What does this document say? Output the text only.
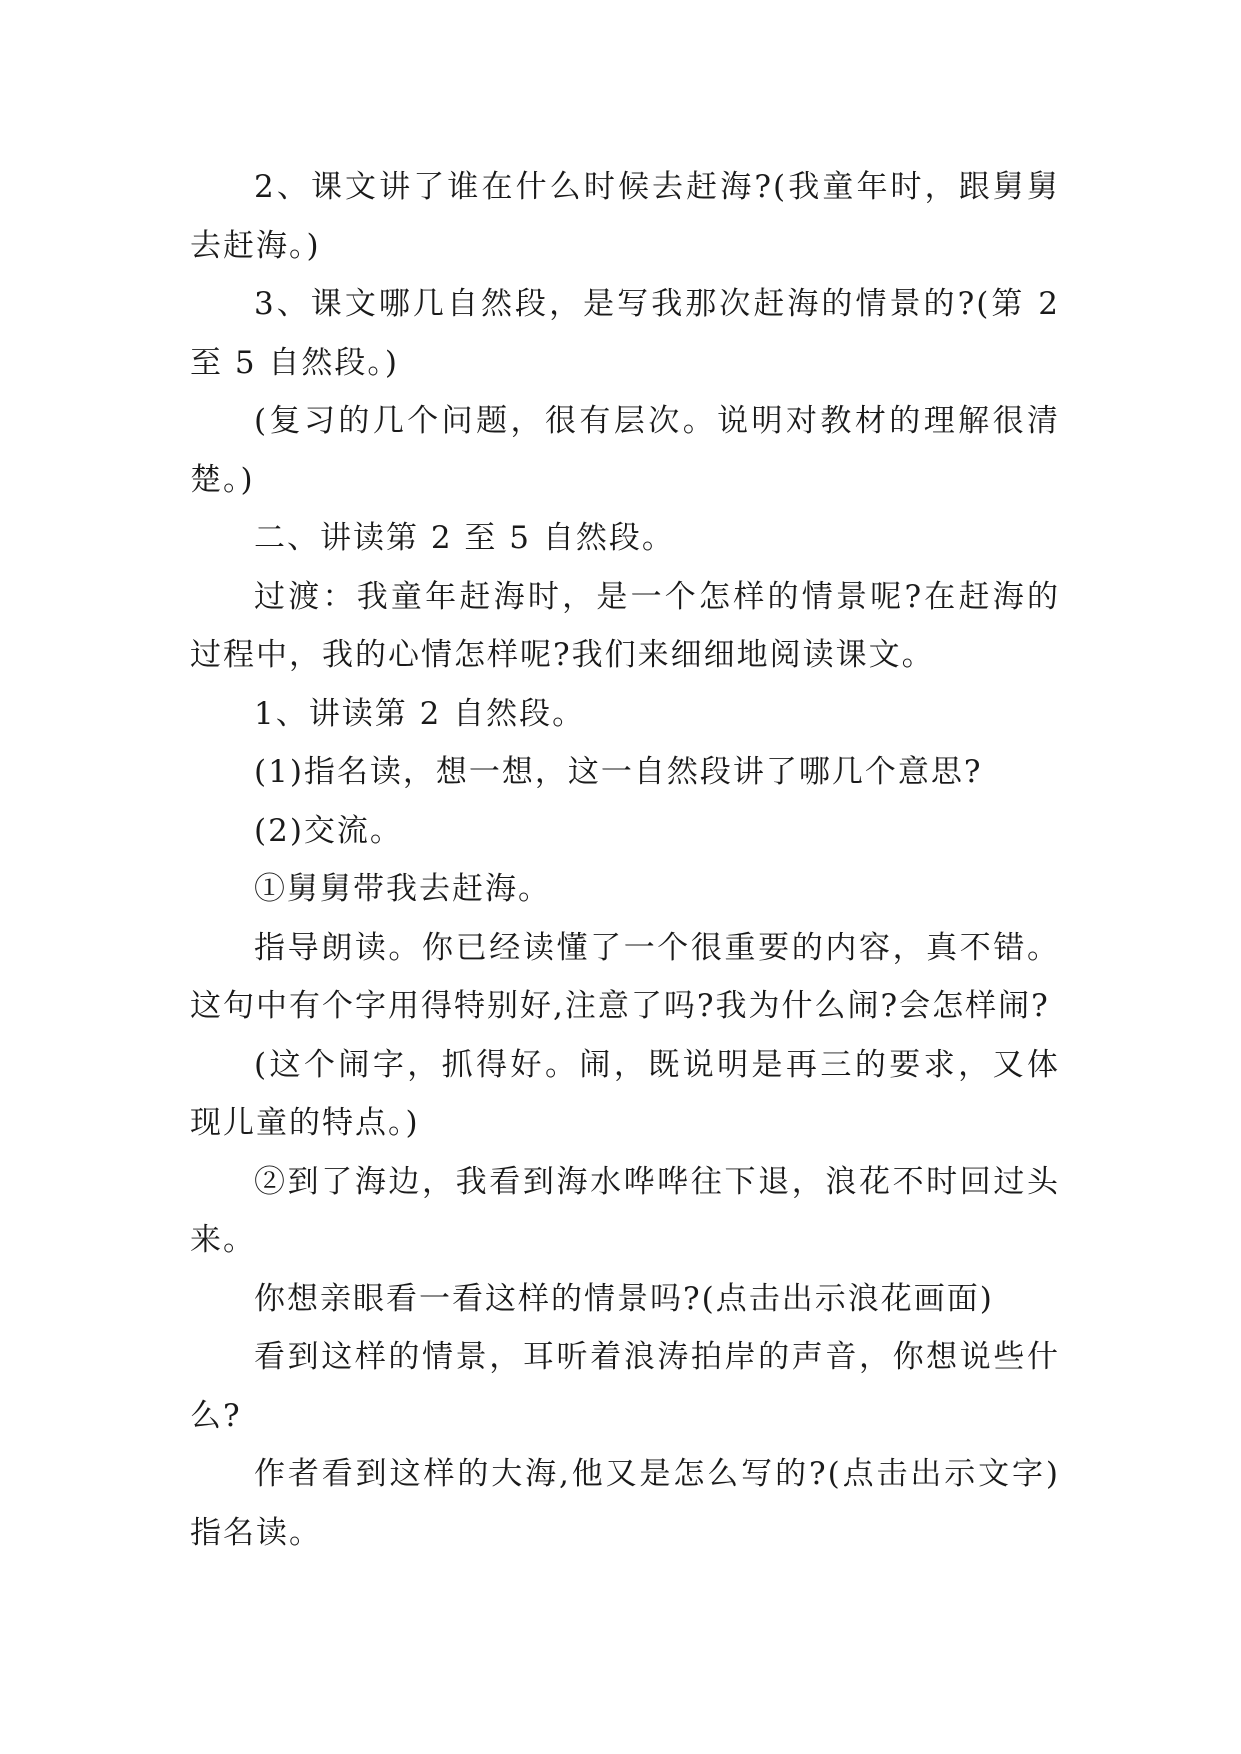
2、课文讲了谁在什么时候去赶海?(我童年时，跟舅舅去赶海。)

3、课文哪几自然段，是写我那次赶海的情景的?(第 2 至 5 自然段。)

(复习的几个问题，很有层次。说明对教材的理解很清楚。)

二、讲读第 2 至 5 自然段。

过渡：我童年赶海时，是一个怎样的情景呢?在赶海的过程中，我的心情怎样呢?我们来细细地阅读课文。

1、讲读第 2 自然段。

(1)指名读，想一想，这一自然段讲了哪几个意思?

(2)交流。

①舅舅带我去赶海。

指导朗读。你已经读懂了一个很重要的内容，真不错。这句中有个字用得特别好,注意了吗?我为什么闹?会怎样闹?

(这个闹字，抓得好。闹，既说明是再三的要求，又体现儿童的特点。)

②到了海边，我看到海水哗哗往下退，浪花不时回过头来。

你想亲眼看一看这样的情景吗?(点击出示浪花画面)

看到这样的情景，耳听着浪涛拍岸的声音，你想说些什么?

作者看到这样的大海,他又是怎么写的?(点击出示文字)指名读。
